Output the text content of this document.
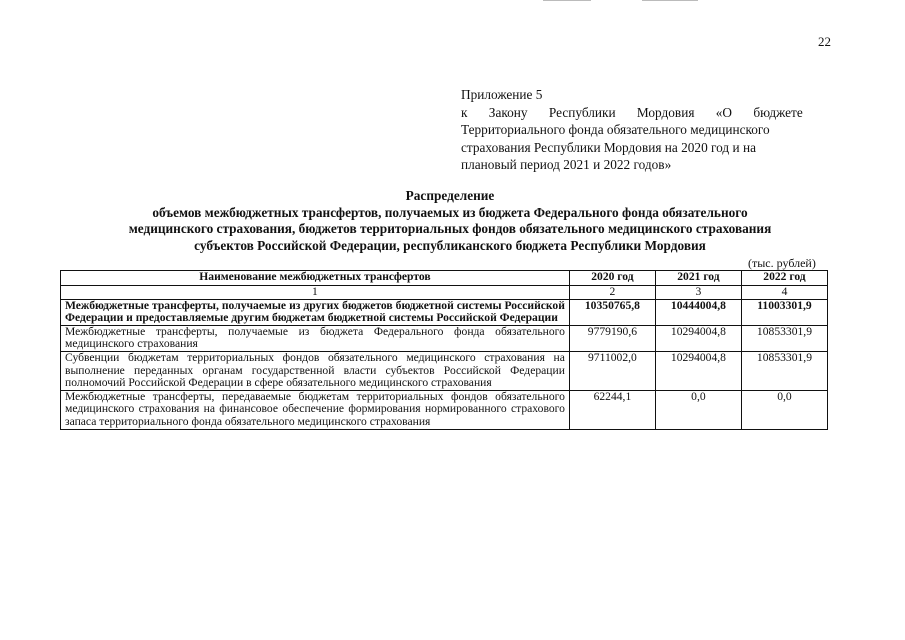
22
Приложение 5
к Закону Республики Мордовия «О бюджете
Территориального фонда обязательного медицинского
страхования Республики Мордовия на 2020 год и на
плановый период 2021 и 2022 годов»
Распределение
объемов межбюджетных трансфертов, получаемых из бюджета Федерального фонда обязательного
медицинского страхования, бюджетов территориальных фондов обязательного медицинского страхования
субъектов Российской Федерации, республиканского бюджета Республики Мордовия
(тыс. рублей)
Наименование межбюджетных трансфертов	2020 год	2021 год	2022 год
1	2	3	4
Межбюджетные трансферты, получаемые из других бюджетов бюджетной системы Российской Федерации и предоставляемые другим бюджетам бюджетной системы Российской Федерации	10350765,8	10444004,8	11003301,9
Межбюджетные трансферты, получаемые из бюджета Федерального фонда обязательного медицинского страхования	9779190,6	10294004,8	10853301,9
Субвенции бюджетам территориальных фондов обязательного медицинского страхования на выполнение переданных органам государственной власти субъектов Российской Федерации полномочий Российской Федерации в сфере обязательного медицинского страхования	9711002,0	10294004,8	10853301,9
Межбюджетные трансферты, передаваемые бюджетам территориальных фондов обязательного медицинского страхования на финансовое обеспечение формирования нормированного страхового запаса территориального фонда обязательного медицинского страхования	62244,1	0,0	0,0
